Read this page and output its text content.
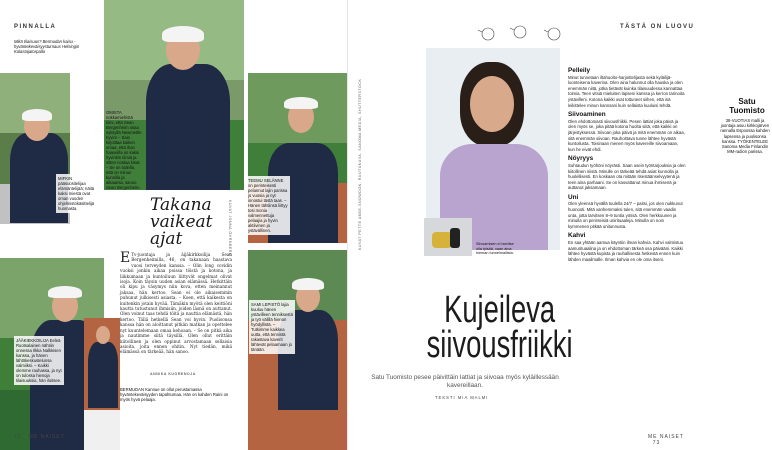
PINNALLA
Mikä tilaisuus? Bermudan kaisu -hyväntekeväisyysturnaus Helsingin Kalastajatorpalla
MIFKIN pääsuositelijaa elämäntelijää; näitä kaksi miestä ovat oman vuoden ohjelmistokäsittelijä huomasta.
OMISTA nokkamiehistä tiimi, että Sean Bergenheim osaa syksyllä Newmettle hyvin! – Sain kirjoittaa kaiken omaa, että ihan haaveilla on kaksi hyvinkin tiimiä ja sitten nostaa kisat. – Se on todella, että on minun kunnilla ja aikaansa, sanoo Sean Bergenheim.
TEEMU SELÄNNE on perinteisesti pelannut lajin parissa jo vuosia ja nyt innostui tästä taas. – Hänen tähtiinsä liittyy tosi monia valmennettuja pelaajia ja hyvin aktiivinen ja ystävällinen.
Takana vaikeat ajat	KUVAT JONNA ÖHRNBERG
E Tv-juontaja ja äijäkirkkoilija Sean Bergenheimilla, 46, on takanaan haastava vuosi terveyden kanssa. – Olin long covidin vuoksi jonkin aikaa poissa töistä ja kotona, ja liikkumaan ja kuntoiluun liittyvät ongelmat olivat isoja. Koin täysin uuden asian elämässä. Hetkittäin oli kipu ja väsymys niin kova, etten meinannut jaksaa, hän kertoo. Sean ei ole aikaisemmin puhunut julkisesti asiasta. – Koen, että kaikesta on kuitenkin jotain hyvää. Tämäkin myötä olen keittiöni kautta tutustunut ihmisiin, joiden läsnä on auttanut. Olen voinut taas tehdä töitä ja nauttia elämästä, hän kertoo. Tällä hetkellä Sean voi hyvin. Puolisonsa kanssa hän on aloittanut pitkän matkan ja opettelee nyt kuuntelemaan omaa kehoaan. – Se on pitkä aika ja nautimme siitä täysillä. Olen ollut erittäin kiitollinen ja olen oppinut arvostamaan sellaisia asioita, joita ennen ohitin. Nyt tiedän, mikä elämässä on tärkeää, hän sanoo.
ANNIKA KUORENOJA
JÄÄKIEKKOILIJA Eeleä Ruotsalainen nähtiin onnessa Ilkka Nalkkisen kanssa, ja hänen lähtökeskustelunsa valmiiksi. – Kaikki olemme rauhassa, ja nyt on tulossa hienoja tilaisuuksia, hän iloitsee.
BERMUDAN Kannue on ollut perustamassa hyväntekeväisyyden tapahtumaa. Hän on kahden Raini on myös hyvä pelaaja.
SAMI LEPISTÖ lajia kuuluu hänen ystävilleen tenniksestä ja työ välillä hienon hyödyllistä. – Tutkimme kaikkea uutta, että tennistä rakastava kaverit lähtevät pelaamaan jo tänään.
72 ME NAISET
TÄSTÄ ON LUOVU
Satu Tuomisto
38-VUOTIAS malli ja juontaja asuu kirkkojärven rannalla Espoossa kahden lapsensa ja puolisonsa kanssa. TYÖKENTELEE Sanoma Media Finlandin MM-radion parissa.
Siivoamisen ei tarvitse olla tylsää, vaan aina hieman tunnelmallista.
KUVAT PETTE ABBE-SNOWDON, RUUTUKUVA, SANOMA MEDIA, SHUTTERSTOCK
Pelleily

Minut tunnetaan iltahuolto-harjoittelijasta sekä kyläilijä-luonteisena kaverina. Olen aina halunnut olla hauska ja olen enemmän niitä, jotka tietävät kuinka tilaisuudessa kannattaa toimia. Teen vitsiä mieluiten lapseni kanssa ja kerron tarinoita ystävilleni. Kotona kaikki ovat tottuneet siihen, että isä leikittelee minun kanssani kuin sellaista kuuluisi tehdä.

Siivoaminen

Olen ehdottomasti siivousfriikki. Pesen lattiat joka päivä ja olen myös se, joka pitää kotona huolta siitä, että kaikki on järjestyksessä. Siivoan joka päivä ja mitä enemmän on aikaa, sitä enemmän siivoan. Rauhoittava tunne lähtee hyvästä kuntoilusta. Toisinaan menen myös kavereille siivoamaan, kun he eivät ehdi.

Nöyryys

Suhtaudun työhöni nöyrästi. Saan usein työntarjouksia ja olen kiitollinen niistä. Minulle on tärkeää tehdä asiat kunnolla ja huolellisesti. En koskaan ota mitään itsestäänselvyytenä ja teen aina parhaani. Se on kasvattanut minua ihmisenä ja auttanut jaksamaan.

Uni

Olen yleensä hyvällä tuulella 24/7 – paitsi, jos olen nukkunut huonosti. Mitä vanhemmaksi tulen, sitä enemmän vaadin unta, jotta tarvitsen 8–9 tuntia yössä. Olen herkkuunen ja minulla on perinteisiä unirituaaleja. Minulla on noin kymmenen pitkää unitunnusta.

Kahvi

En saa yhtään aamua käyntiin ilman kahvia. Kahvi valmistuu aamurituaalina ja on ehdottoman tärkeä osa päivääni. Kaikki lähtee hyvästä kupista ja rauhallisesta hetkestä ennen kuin lähden maailmalle. Ilman kahvia en ole oma itseni.

ME NAISET   73
Kujeileva siivousfriikki
Satu Tuomisto pesee päivittäin lattiat ja siivoaa myös kyläillessään kavereillaan.
TEKSTI MIA MALMI
